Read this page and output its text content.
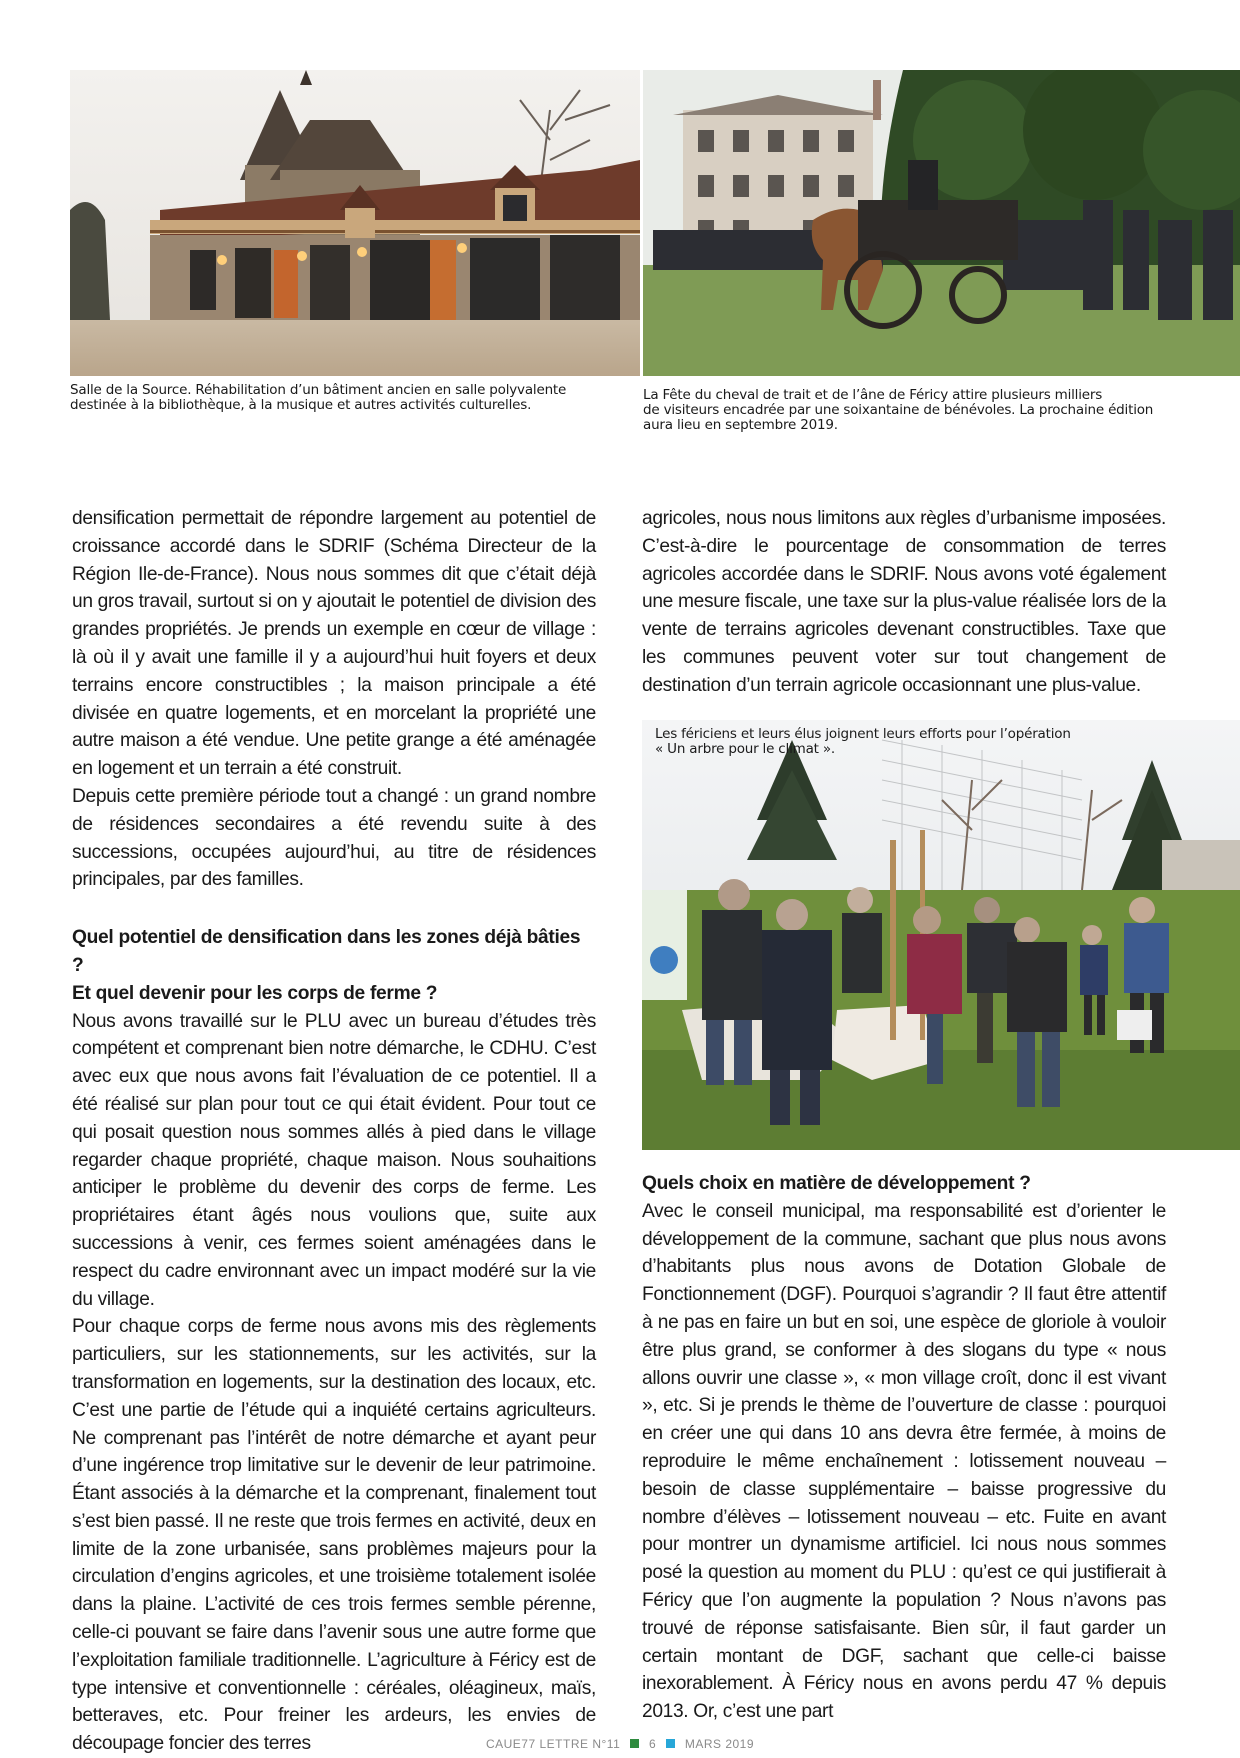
Salle de la Source. Réhabilitation d’un bâtiment ancien en salle polyvalente
destinée à la bibliothèque, à la musique et autres activités culturelles.
La Fête du cheval de trait et de l’âne de Féricy attire plusieurs milliers
de visiteurs encadrée par une soixantaine de bénévoles. La prochaine édition
aura lieu en septembre 2019.

densification permettait de répondre largement au potentiel de croissance accordé dans le SDRIF (Schéma Directeur de la Région Ile-de-France). Nous nous sommes dit que c’était déjà un gros travail, surtout si on y ajoutait le potentiel de division des grandes propriétés. Je prends un exemple en cœur de village : là où il y avait une famille il y a aujourd’hui huit foyers et deux terrains encore constructibles ; la maison principale a été divisée en quatre logements, et en morcelant la propriété une autre maison a été vendue. Une petite grange a été aménagée en logement et un terrain a été construit.

Depuis cette première période tout a changé : un grand nombre de résidences secondaires a été revendu suite à des successions, occupées aujourd’hui, au titre de résidences principales, par des familles.

Quel potentiel de densification dans les zones déjà bâties ?
Et quel devenir pour les corps de ferme ?

Nous avons travaillé sur le PLU avec un bureau d’études très compétent et comprenant bien notre démarche, le CDHU. C’est avec eux que nous avons fait l’évaluation de ce potentiel. Il a été réalisé sur plan pour tout ce qui était évident. Pour tout ce qui posait question nous sommes allés à pied dans le village regarder chaque propriété, chaque maison. Nous souhaitions anticiper le problème du devenir des corps de ferme. Les propriétaires étant âgés nous voulions que, suite aux successions à venir, ces fermes soient aménagées dans le respect du cadre environnant avec un impact modéré sur la vie du village.

Pour chaque corps de ferme nous avons mis des règlements particuliers, sur les stationnements, sur les activités, sur la transformation en logements, sur la destination des locaux, etc. C’est une partie de l’étude qui a inquiété certains agriculteurs. Ne comprenant pas l’intérêt de notre démarche et ayant peur d’une ingérence trop limitative sur le devenir de leur patrimoine. Étant associés à la démarche et la comprenant, finalement tout s’est bien passé. Il ne reste que trois fermes en activité, deux en limite de la zone urbanisée, sans problèmes majeurs pour la circulation d’engins agricoles, et une troisième totalement isolée dans la plaine. L’activité de ces trois fermes semble pérenne, celle-ci pouvant se faire dans l’avenir sous une autre forme que l’exploitation familiale traditionnelle. L’agriculture à Féricy est de type intensive et conventionnelle : céréales, oléagineux, maïs, betteraves, etc. Pour freiner les ardeurs, les envies de découpage foncier des terres

agricoles, nous nous limitons aux règles d’urbanisme imposées. C’est-à-dire le pourcentage de consommation de terres agricoles accordée dans le SDRIF. Nous avons voté également une mesure fiscale, une taxe sur la plus-value réalisée lors de la vente de terrains agricoles devenant constructibles. Taxe que les communes peuvent voter sur tout changement de destination d’un terrain agricole occasionnant une plus-value.

Les fériciens et leurs élus joignent leurs efforts pour l’opération
« Un arbre pour le climat ».
Quels choix en matière de développement ?

Avec le conseil municipal, ma responsabilité est d’orienter le développement de la commune, sachant que plus nous avons d’habitants plus nous avons de Dotation Globale de Fonctionnement (DGF). Pourquoi s’agrandir ? Il faut être attentif à ne pas en faire un but en soi, une espèce de gloriole à vouloir être plus grand, se conformer à des slogans du type « nous allons ouvrir une classe », « mon village croît, donc il est vivant », etc. Si je prends le thème de l’ouverture de classe : pourquoi en créer une qui dans 10 ans devra être fermée, à moins de reproduire le même enchaînement : lotissement nouveau – besoin de classe supplémentaire – baisse progressive du nombre d’élèves – lotissement nouveau – etc. Fuite en avant pour montrer un dynamisme artificiel. Ici nous nous sommes posé la question au moment du PLU : qu’est ce qui justifierait à Féricy que l’on augmente la population ? Nous n’avons pas trouvé de réponse satisfaisante. Bien sûr, il faut garder un certain montant de DGF, sachant que celle-ci baisse inexorablement. À Féricy nous en avons perdu 47 % depuis 2013. Or, c’est une part

CAUE77 LETTRE N°11 6 MARS 2019
